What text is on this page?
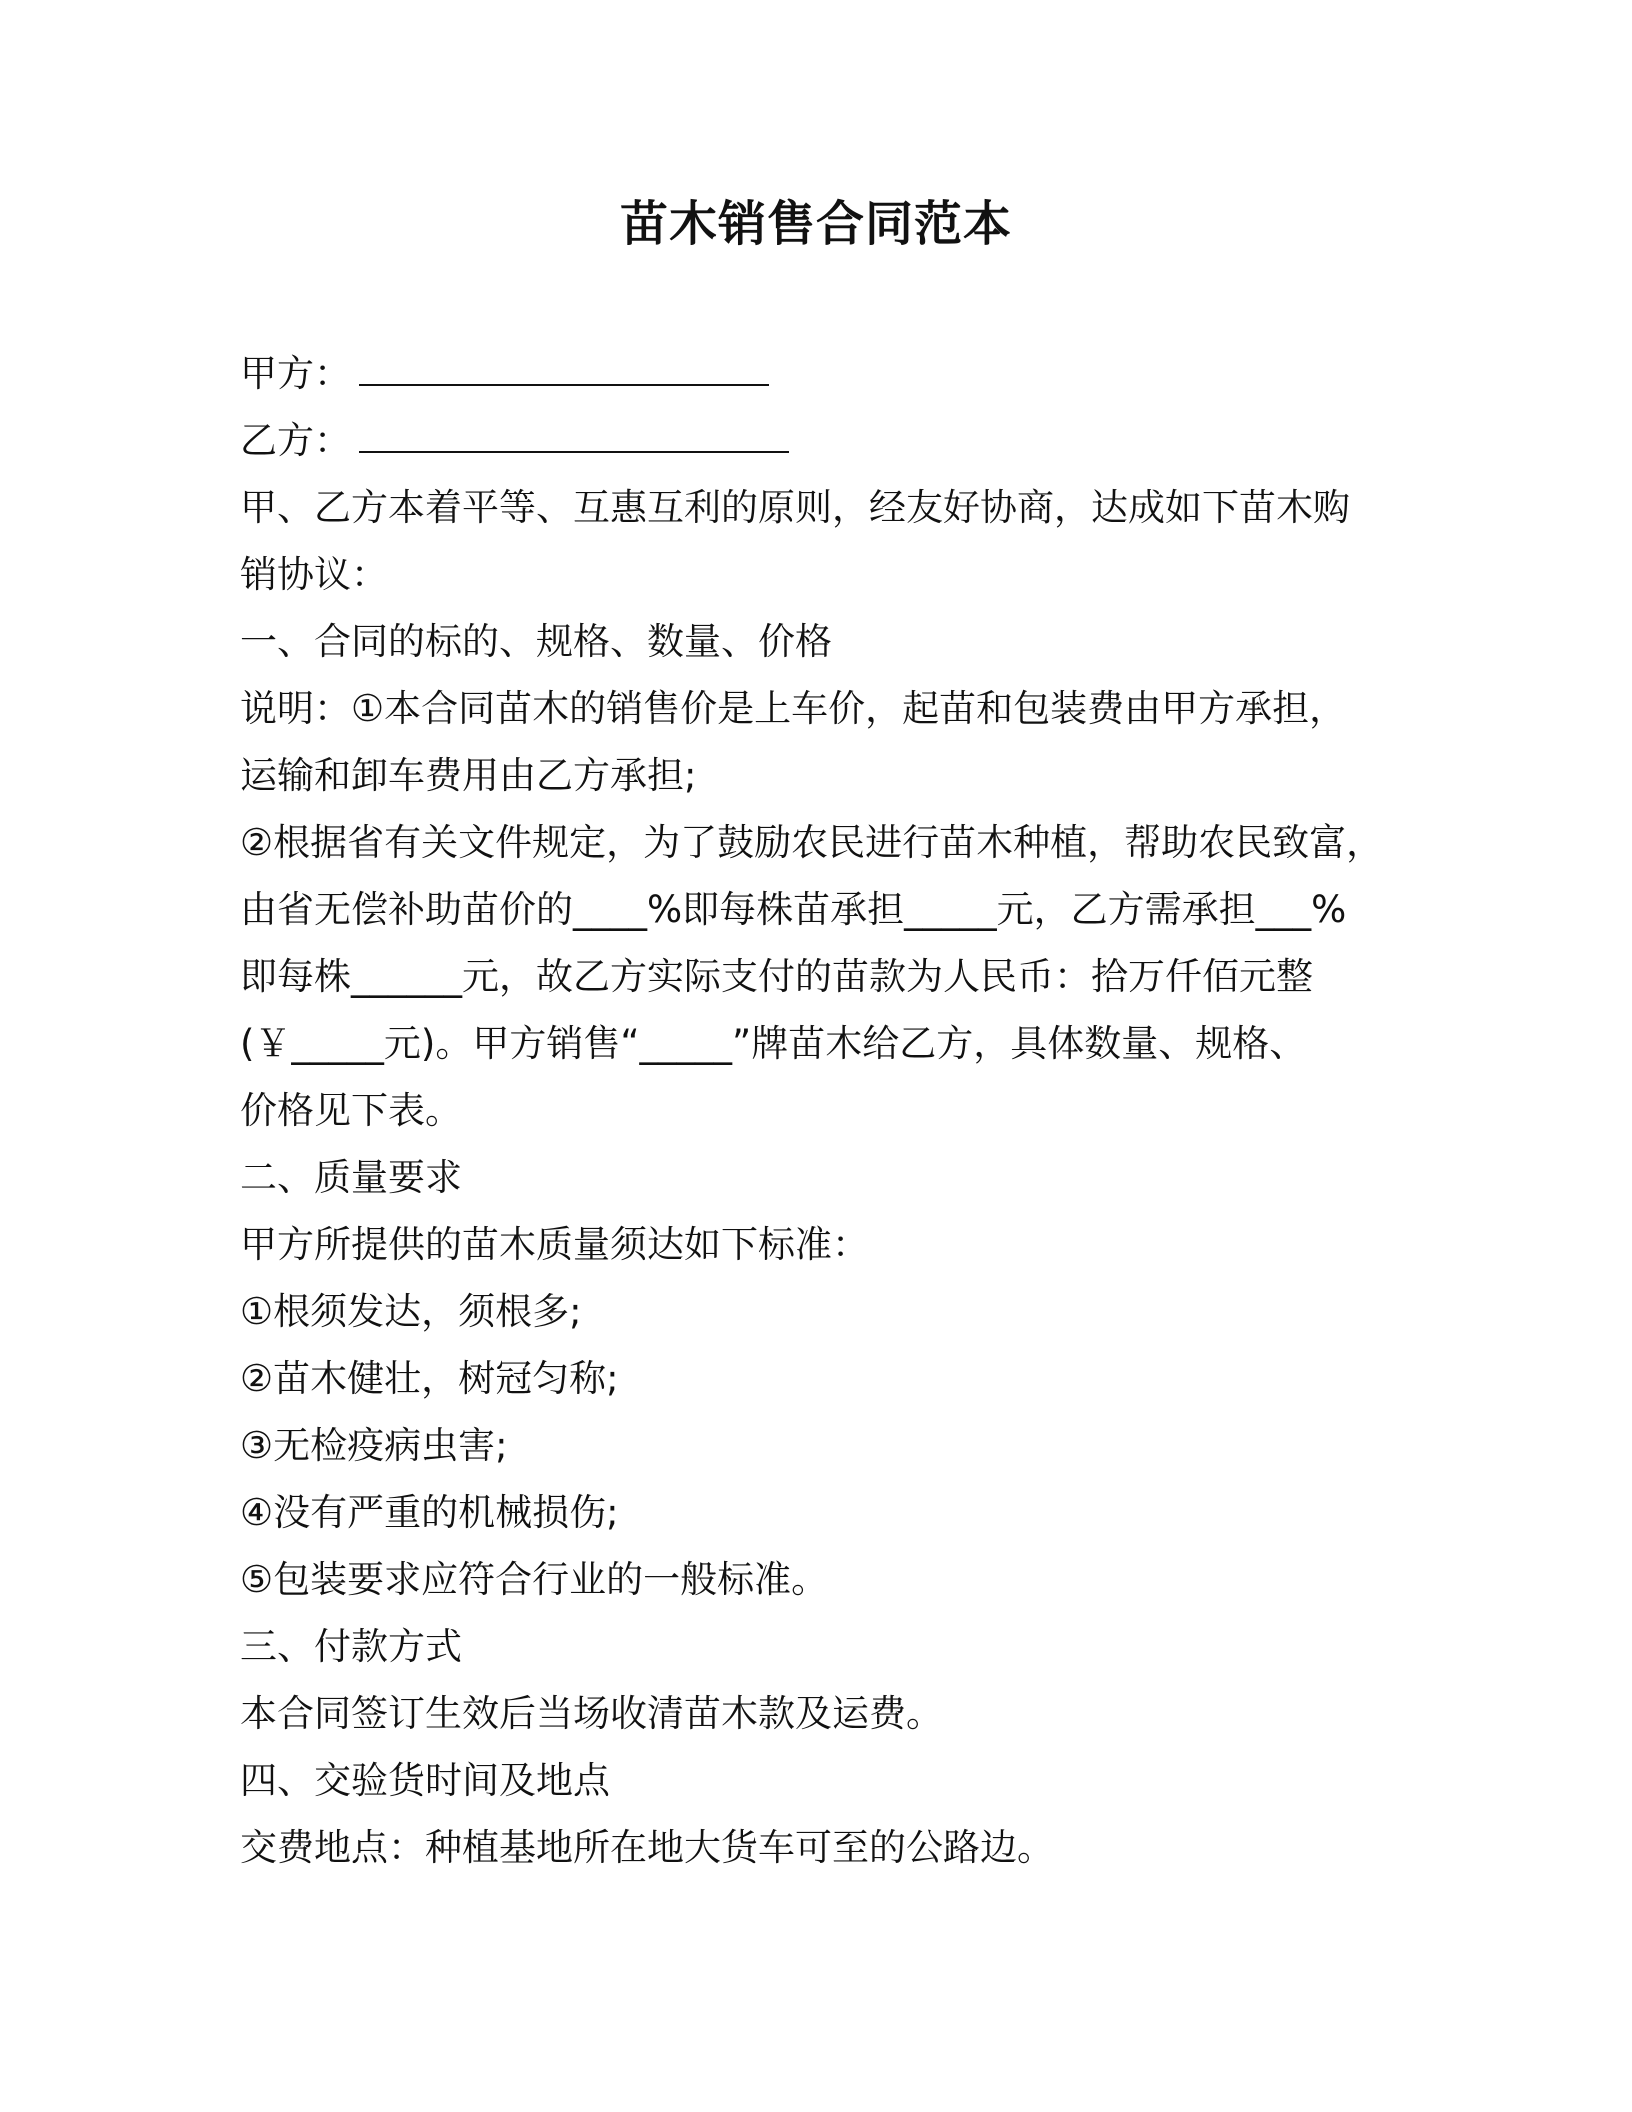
苗木销售合同范本
甲方：
乙方：

甲、乙方本着平等、互惠互利的原则，经友好协商，达成如下苗木购

销协议：

一、合同的标的、规格、数量、价格

说明：①本合同苗木的销售价是上车价，起苗和包装费由甲方承担，

运输和卸车费用由乙方承担;

②根据省有关文件规定，为了鼓励农民进行苗木种植，帮助农民致富，

由省无偿补助苗价的____%即每株苗承担_____元，乙方需承担___%

即每株______元，故乙方实际支付的苗款为人民币：拾万仟佰元整

(￥_____元)。甲方销售“_____”牌苗木给乙方，具体数量、规格、

价格见下表。

二、质量要求

甲方所提供的苗木质量须达如下标准：

①根须发达，须根多;

②苗木健壮，树冠匀称;

③无检疫病虫害;

④没有严重的机械损伤;

⑤包装要求应符合行业的一般标准。

三、付款方式

本合同签订生效后当场收清苗木款及运费。

四、交验货时间及地点

交费地点：种植基地所在地大货车可至的公路边。
